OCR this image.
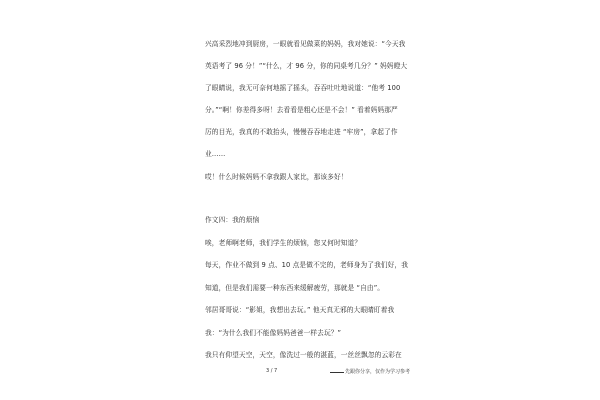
兴高采烈地冲到厨房，一眼就看见做菜的妈妈，我对她说：“今天我
英语考了 96 分！”“什么，才 96 分，你的同桌考几分？” 妈妈瞪大
了眼睛说，我无可奈何地摇了摇头，吞吞吐吐地说道：“他考 100
分。”“啊！你差得多呀！去看看是粗心还是不会！” 看着妈妈那严
厉的目光，我真的不敢抬头，慢慢吞吞地走进 “牢房”，拿起了作
业……
哎！什么时候妈妈不拿我跟人家比，那该多好！
作文四：我的烦恼
唉，老师啊老师，我们学生的烦恼，您又何时知道？
每天，作业不做到 9 点、10 点是做不完的，老师身为了我们好，我
知道，但是我们需要一种东西来缓解疲劳，那就是 “自由”。
邻居哥哥说：“影姐，我想出去玩。” 他天真无邪的大眼睛盯着我
我：“为什么我们不能像妈妈爸爸一样去玩？”
我只有仰望天空，天空，像洗过一般的湛蓝，一丝丝飘忽的云彩在
3 / 7	先跟你分享，仅作为学习参考
